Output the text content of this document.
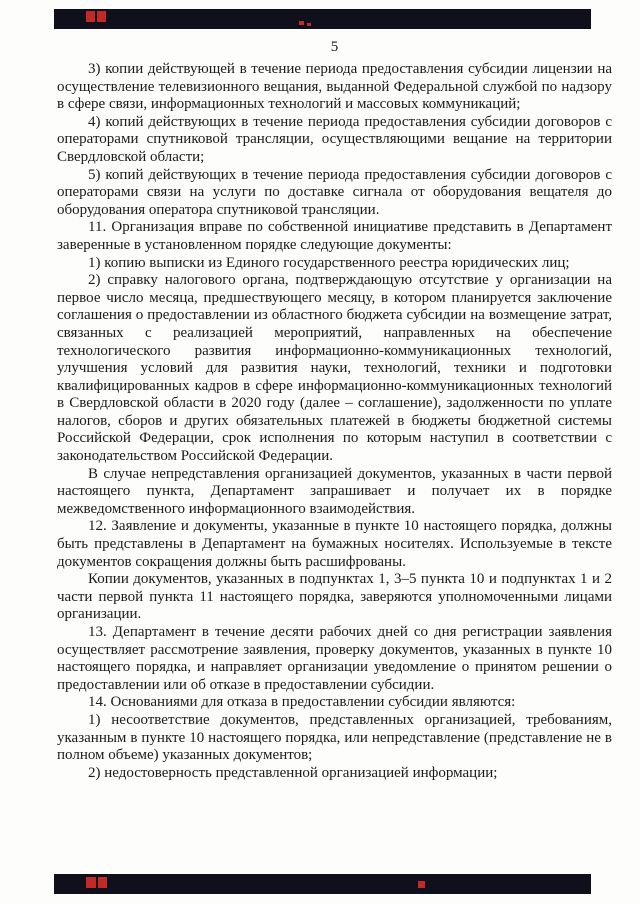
5

3) копии действующей в течение периода предоставления субсидии лицензии на осуществление телевизионного вещания, выданной Федеральной службой по надзору в сфере связи, информационных технологий и массовых коммуникаций;

4) копий действующих в течение периода предоставления субсидии договоров с операторами спутниковой трансляции, осуществляющими вещание на территории Свердловской области;

5) копий действующих в течение периода предоставления субсидии договоров с операторами связи на услуги по доставке сигнала от оборудования вещателя до оборудования оператора спутниковой трансляции.

11. Организация вправе по собственной инициативе представить в Департамент заверенные в установленном порядке следующие документы:

1) копию выписки из Единого государственного реестра юридических лиц;

2) справку налогового органа, подтверждающую отсутствие у организации на первое число месяца, предшествующего месяцу, в котором планируется заключение соглашения о предоставлении из областного бюджета субсидии на возмещение затрат, связанных с реализацией мероприятий, направленных на обеспечение технологического развития информационно-коммуникационных технологий, улучшения условий для развития науки, технологий, техники и подготовки квалифицированных кадров в сфере информационно-коммуникационных технологий в Свердловской области в 2020 году (далее – соглашение), задолженности по уплате налогов, сборов и других обязательных платежей в бюджеты бюджетной системы Российской Федерации, срок исполнения по которым наступил в соответствии с законодательством Российской Федерации.

В случае непредставления организацией документов, указанных в части первой настоящего пункта, Департамент запрашивает и получает их в порядке межведомственного информационного взаимодействия.

12. Заявление и документы, указанные в пункте 10 настоящего порядка, должны быть представлены в Департамент на бумажных носителях. Используемые в тексте документов сокращения должны быть расшифрованы.

Копии документов, указанных в подпунктах 1, 3–5 пункта 10 и подпунктах 1 и 2 части первой пункта 11 настоящего порядка, заверяются уполномоченными лицами организации.

13. Департамент в течение десяти рабочих дней со дня регистрации заявления осуществляет рассмотрение заявления, проверку документов, указанных в пункте 10 настоящего порядка, и направляет организации уведомление о принятом решении о предоставлении или об отказе в предоставлении субсидии.

14. Основаниями для отказа в предоставлении субсидии являются:

1) несоответствие документов, представленных организацией, требованиям, указанным в пункте 10 настоящего порядка, или непредставление (представление не в полном объеме) указанных документов;

2) недостоверность представленной организацией информации;
